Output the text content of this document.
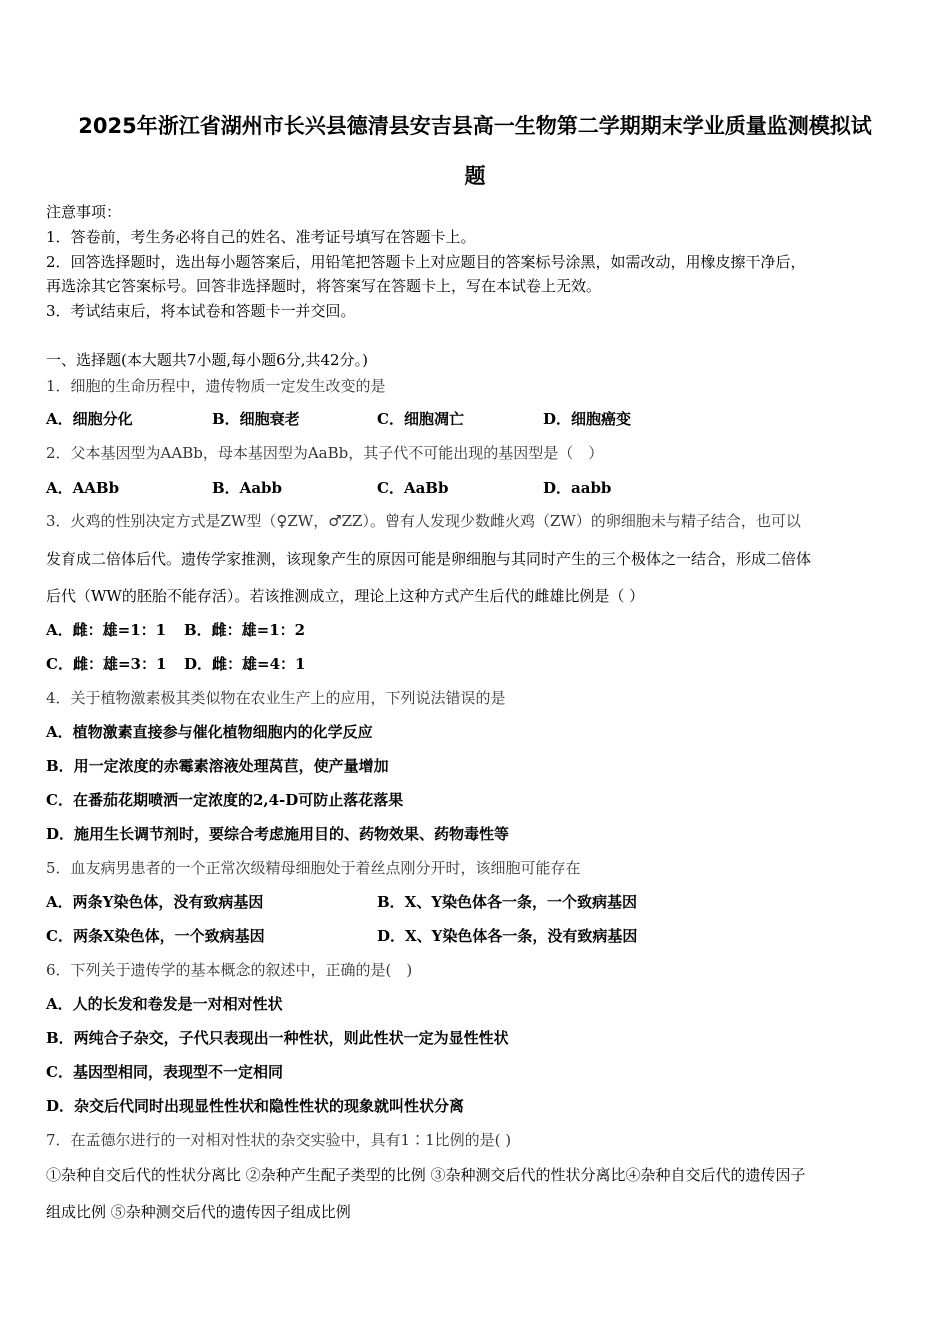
2025年浙江省湖州市长兴县德清县安吉县高一生物第二学期期末学业质量监测模拟试
题
注意事项：
1．答卷前，考生务必将自己的姓名、准考证号填写在答题卡上。
2．回答选择题时，选出每小题答案后，用铅笔把答题卡上对应题目的答案标号涂黑，如需改动，用橡皮擦干净后，
再选涂其它答案标号。回答非选择题时，将答案写在答题卡上，写在本试卷上无效。
3．考试结束后，将本试卷和答题卡一并交回。
一、选择题(本大题共7小题,每小题6分,共42分。)
1．细胞的生命历程中，遗传物质一定发生改变的是
A．细胞分化	B．细胞衰老	C．细胞凋亡	D．细胞癌变
2．父本基因型为AABb，母本基因型为AaBb，其子代不可能出现的基因型是（　）
A．AABb	B．Aabb	C．AaBb	D．aabb
3．火鸡的性别决定方式是ZW型（♀ZW，♂ZZ）。曾有人发现少数雌火鸡（ZW）的卵细胞未与精子结合，也可以
发育成二倍体后代。遗传学家推测，该现象产生的原因可能是卵细胞与其同时产生的三个极体之一结合，形成二倍体
后代（WW的胚胎不能存活）。若该推测成立，理论上这种方式产生后代的雌雄比例是（ ）
A．雌：雄=1：1 B．雌：雄=1：2
C．雌：雄=3：1 D．雌：雄=4：1
4．关于植物激素极其类似物在农业生产上的应用，下列说法错误的是
A．植物激素直接参与催化植物细胞内的化学反应
B．用一定浓度的赤霉素溶液处理莴苣，使产量增加
C．在番茄花期喷洒一定浓度的2,4-D可防止落花落果
D．施用生长调节剂时，要综合考虑施用目的、药物效果、药物毒性等
5．血友病男患者的一个正常次级精母细胞处于着丝点刚分开时，该细胞可能存在
A．两条Y染色体，没有致病基因	B．X、Y染色体各一条，一个致病基因
C．两条X染色体，一个致病基因	D．X、Y染色体各一条，没有致病基因
6．下列关于遗传学的基本概念的叙述中，正确的是(　)
A．人的长发和卷发是一对相对性状
B．两纯合子杂交，子代只表现出一种性状，则此性状一定为显性性状
C．基因型相同，表现型不一定相同
D．杂交后代同时出现显性性状和隐性性状的现象就叫性状分离
7．在孟德尔进行的一对相对性状的杂交实验中，具有1∶1比例的是( )
①杂种自交后代的性状分离比 ②杂种产生配子类型的比例 ③杂种测交后代的性状分离比④杂种自交后代的遗传因子
组成比例 ⑤杂种测交后代的遗传因子组成比例
